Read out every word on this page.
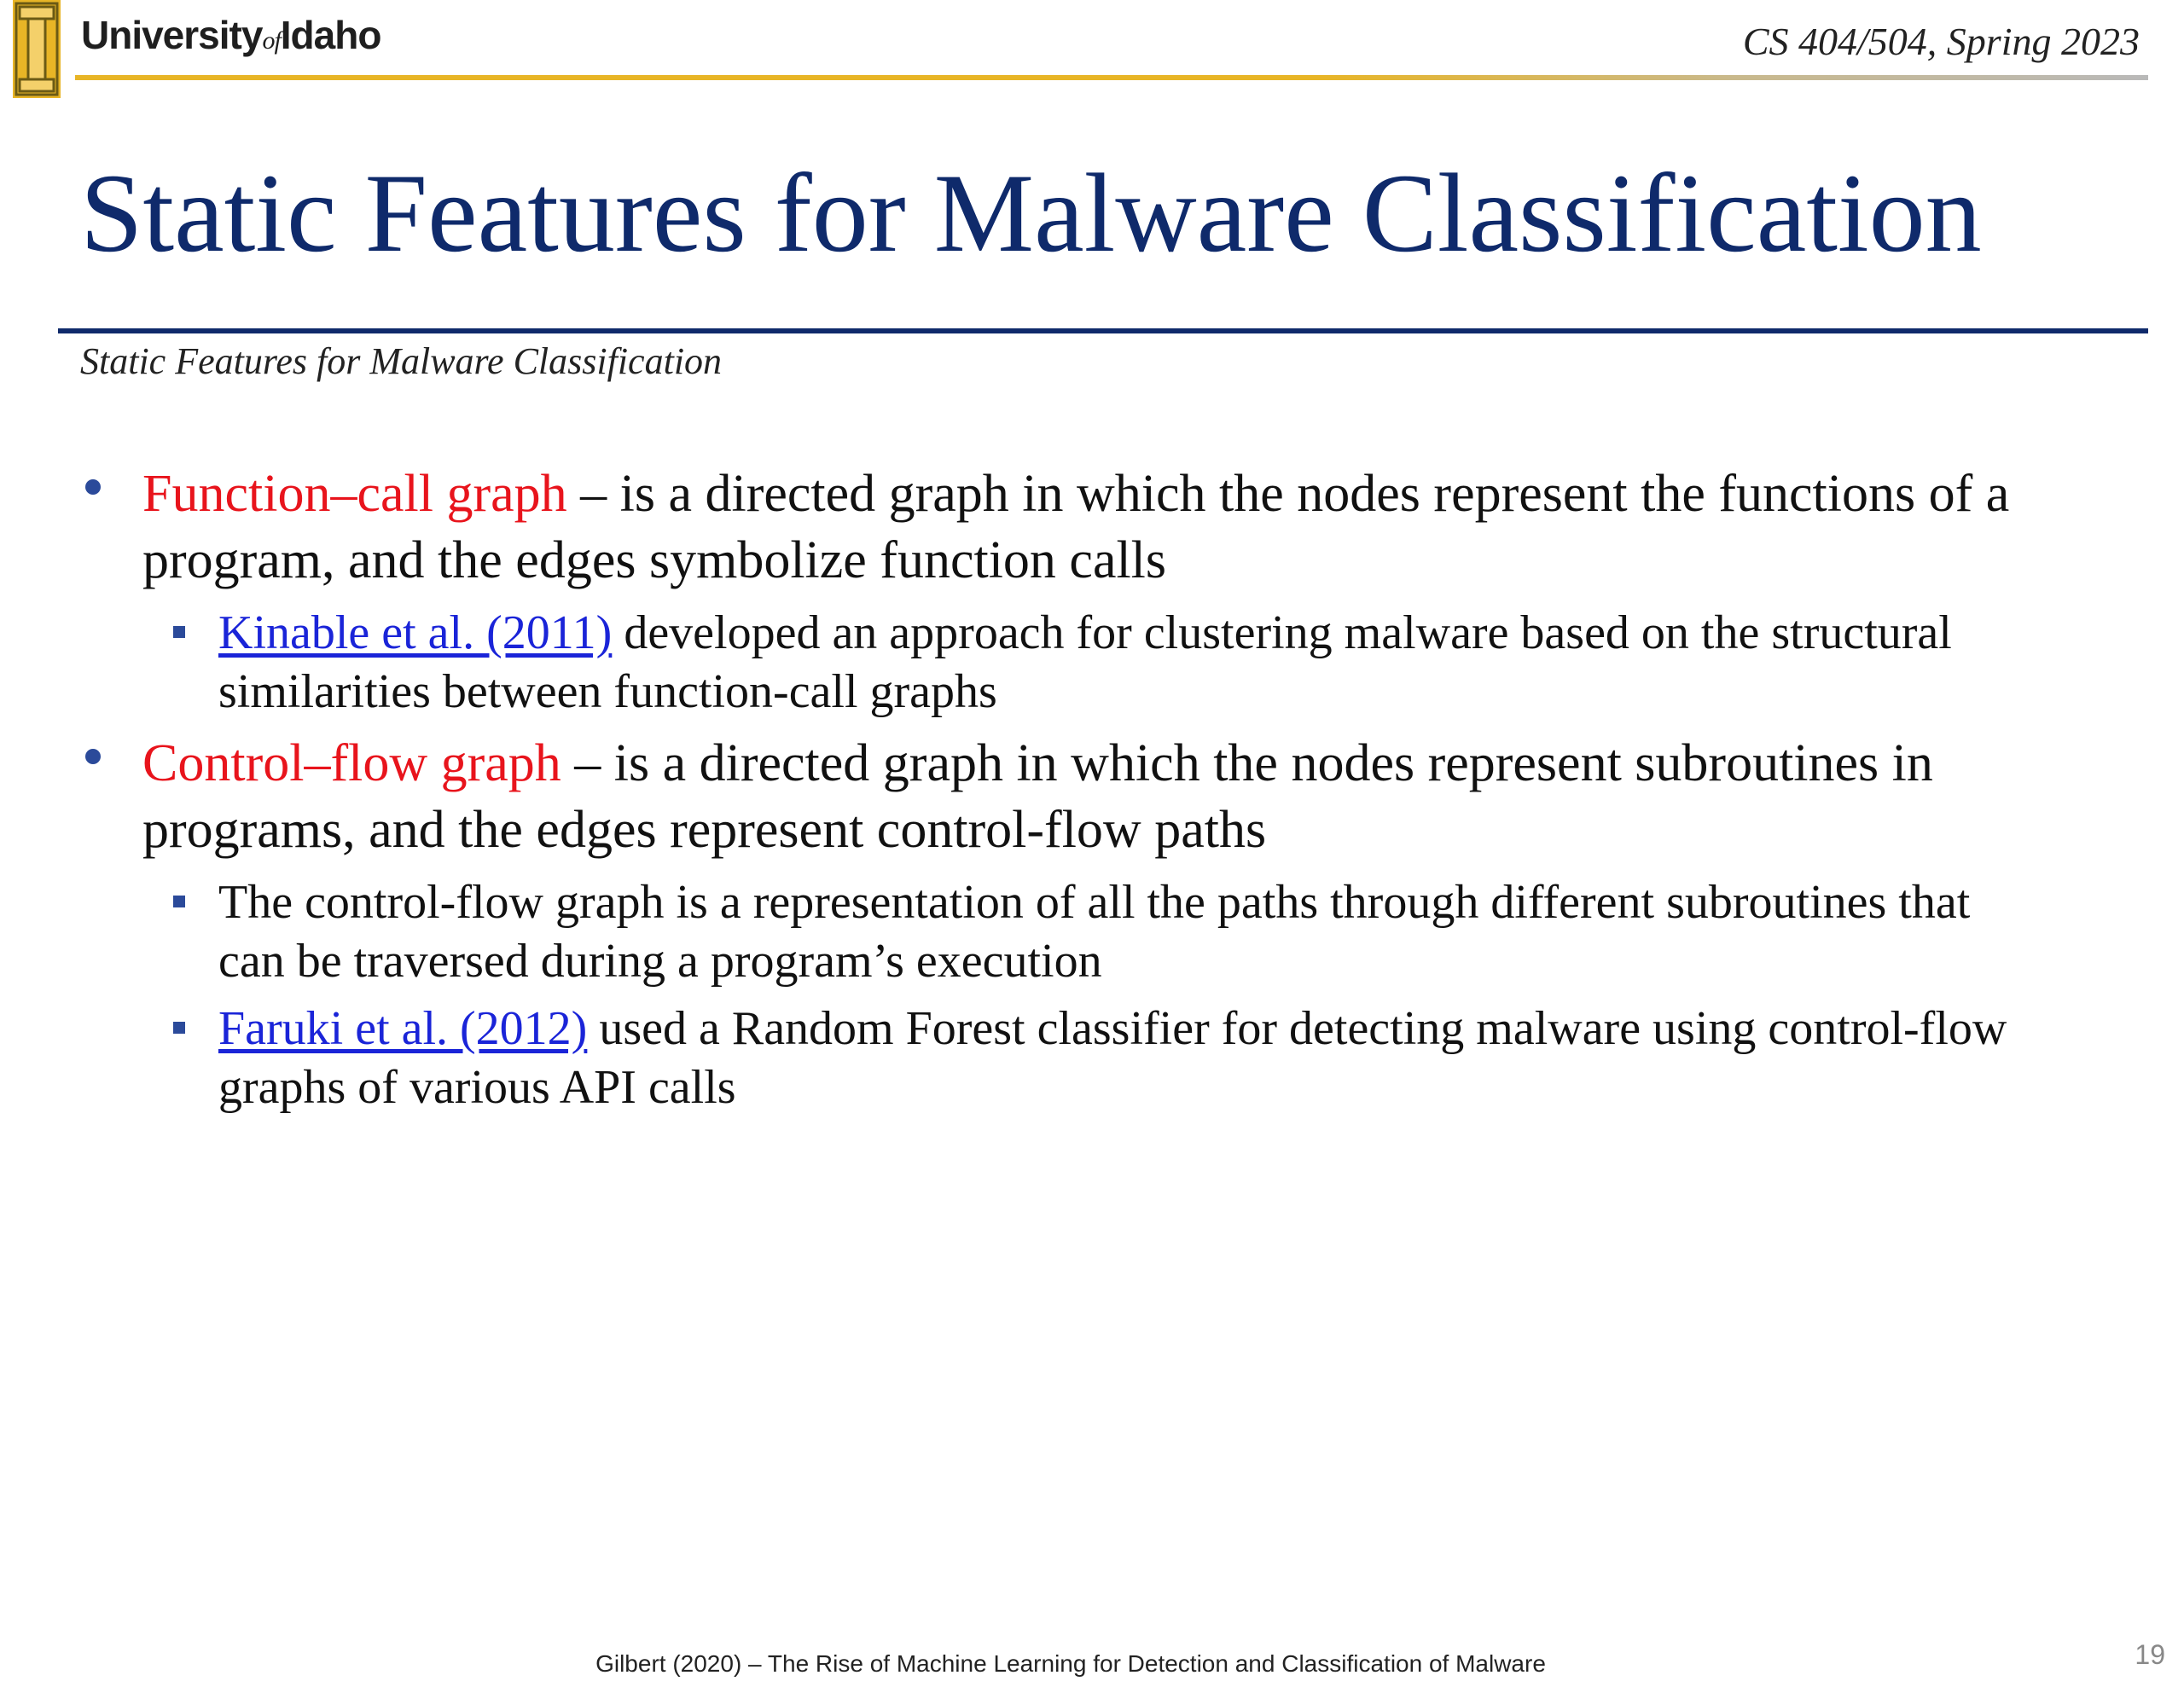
UniversityofIdaho	CS 404/504, Spring 2023
Static Features for Malware Classification
Static Features for Malware Classification

Function–call graph – is a directed graph in which the nodes represent the functions of a program, and the edges symbolize function calls

Kinable et al. (2011) developed an approach for clustering malware based on the structural similarities between function-call graphs

Control–flow graph – is a directed graph in which the nodes represent subroutines in programs, and the edges represent control-flow paths

The control-flow graph is a representation of all the paths through different subroutines that can be traversed during a program’s execution

Faruki et al. (2012) used a Random Forest classifier for detecting malware using control-flow graphs of various API calls

Gilbert (2020) – The Rise of Machine Learning for Detection and Classification of Malware	19
